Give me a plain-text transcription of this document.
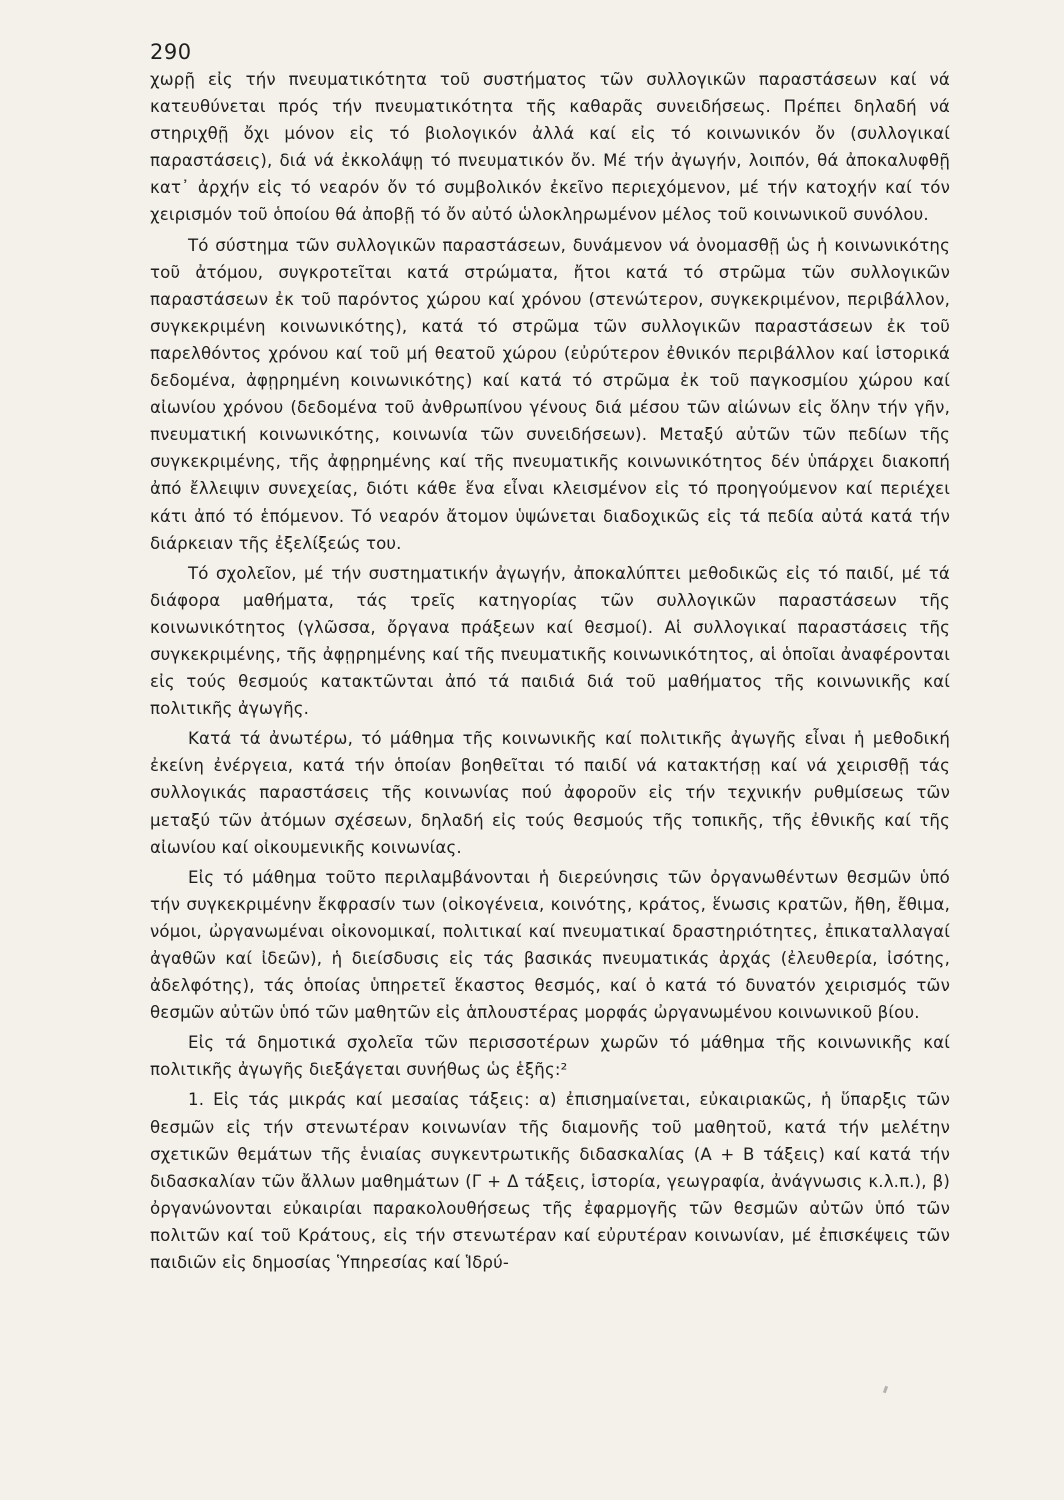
290

χωρῇ εἰς τήν πνευματικότητα τοῦ συστήματος τῶν συλλογικῶν παραστάσεων καί νά κατευθύνεται πρός τήν πνευματικότητα τῆς καθαρᾶς συνειδήσεως. Πρέπει δηλαδή νά στηριχθῇ ὄχι μόνον εἰς τό βιολογικόν ἀλλά καί εἰς τό κοινωνικόν ὄν (συλλογικαί παραστάσεις), διά νά ἐκκολάψῃ τό πνευματικόν ὄν. Μέ τήν ἀγωγήν, λοιπόν, θά ἀποκαλυφθῇ κατ᾿ ἀρχήν εἰς τό νεαρόν ὄν τό συμβολικόν ἐκεῖνο περιεχόμενον, μέ τήν κατοχήν καί τόν χειρισμόν τοῦ ὁποίου θά ἀποβῇ τό ὄν αὐτό ὡλοκληρωμένον μέλος τοῦ κοινωνικοῦ συνόλου.

Τό σύστημα τῶν συλλογικῶν παραστάσεων, δυνάμενον νά ὀνομασθῇ ὡς ἡ κοινωνικότης τοῦ ἀτόμου, συγκροτεῖται κατά στρώματα, ἤτοι κατά τό στρῶμα τῶν συλλογικῶν παραστάσεων ἐκ τοῦ παρόντος χώρου καί χρόνου (στενώτερον, συγκεκριμένον, περιβάλλον, συγκεκριμένη κοινωνικότης), κατά τό στρῶμα τῶν συλλογικῶν παραστάσεων ἐκ τοῦ παρελθόντος χρόνου καί τοῦ μή θεατοῦ χώρου (εὐρύτερον ἐθνικόν περιβάλλον καί ἱστορικά δεδομένα, ἀφῃρημένη κοινωνικότης) καί κατά τό στρῶμα ἐκ τοῦ παγκοσμίου χώρου καί αἰωνίου χρόνου (δεδομένα τοῦ ἀνθρωπίνου γένους διά μέσου τῶν αἰώνων εἰς ὅλην τήν γῆν, πνευματική κοινωνικότης, κοινωνία τῶν συνειδήσεων). Μεταξύ αὐτῶν τῶν πεδίων τῆς συγκεκριμένης, τῆς ἀφῃρημένης καί τῆς πνευματικῆς κοινωνικότητος δέν ὑπάρχει διακοπή ἀπό ἔλλειψιν συνεχείας, διότι κάθε ἕνα εἶναι κλεισμένον εἰς τό προηγούμενον καί περιέχει κάτι ἀπό τό ἑπόμενον. Τό νεαρόν ἄτομον ὑψώνεται διαδοχικῶς εἰς τά πεδία αὐτά κατά τήν διάρκειαν τῆς ἐξελίξεώς του.

Τό σχολεῖον, μέ τήν συστηματικήν ἀγωγήν, ἀποκαλύπτει μεθοδικῶς εἰς τό παιδί, μέ τά διάφορα μαθήματα, τάς τρεῖς κατηγορίας τῶν συλλογικῶν παραστάσεων τῆς κοινωνικότητος (γλῶσσα, ὄργανα πράξεων καί θεσμοί). Αἱ συλλογικαί παραστάσεις τῆς συγκεκριμένης, τῆς ἀφῃρημένης καί τῆς πνευματικῆς κοινωνικότητος, αἱ ὁποῖαι ἀναφέρονται εἰς τούς θεσμούς κατακτῶνται ἀπό τά παιδιά διά τοῦ μαθήματος τῆς κοινωνικῆς καί πολιτικῆς ἀγωγῆς.

Κατά τά ἀνωτέρω, τό μάθημα τῆς κοινωνικῆς καί πολιτικῆς ἀγωγῆς εἶναι ἡ μεθοδική ἐκείνη ἐνέργεια, κατά τήν ὁποίαν βοηθεῖται τό παιδί νά κατακτήσῃ καί νά χειρισθῇ τάς συλλογικάς παραστάσεις τῆς κοινωνίας πού ἀφοροῦν εἰς τήν τεχνικήν ρυθμίσεως τῶν μεταξύ τῶν ἀτόμων σχέσεων, δηλαδή εἰς τούς θεσμούς τῆς τοπικῆς, τῆς ἐθνικῆς καί τῆς αἰωνίου καί οἰκουμενικῆς κοινωνίας.

Εἰς τό μάθημα τοῦτο περιλαμβάνονται ἡ διερεύνησις τῶν ὀργανωθέντων θεσμῶν ὑπό τήν συγκεκριμένην ἔκφρασίν των (οἰκογένεια, κοινότης, κράτος, ἕνωσις κρατῶν, ἤθη, ἔθιμα, νόμοι, ὠργανωμέναι οἰκονομικαί, πολιτικαί καί πνευματικαί δραστηριότητες, ἐπικαταλλαγαί ἀγαθῶν καί ἰδεῶν), ἡ διείσδυσις εἰς τάς βασικάς πνευματικάς ἀρχάς (ἐλευθερία, ἰσότης, ἀδελφότης), τάς ὁποίας ὑπηρετεῖ ἕκαστος θεσμός, καί ὁ κατά τό δυνατόν χειρισμός τῶν θεσμῶν αὐτῶν ὑπό τῶν μαθητῶν εἰς ἁπλουστέρας μορφάς ὠργανωμένου κοινωνικοῦ βίου.

Εἰς τά δημοτικά σχολεῖα τῶν περισσοτέρων χωρῶν τό μάθημα τῆς κοινωνικῆς καί πολιτικῆς ἀγωγῆς διεξάγεται συνήθως ὡς ἑξῆς:²

1. Εἰς τάς μικράς καί μεσαίας τάξεις: α) ἐπισημαίνεται, εὐκαιριακῶς, ἡ ὕπαρξις τῶν θεσμῶν εἰς τήν στενωτέραν κοινωνίαν τῆς διαμονῆς τοῦ μαθητοῦ, κατά τήν μελέτην σχετικῶν θεμάτων τῆς ἑνιαίας συγκεντρωτικῆς διδασκαλίας (Α + Β τάξεις) καί κατά τήν διδασκαλίαν τῶν ἄλλων μαθημάτων (Γ + Δ τάξεις, ἱστορία, γεωγραφία, ἀνάγνωσις κ.λ.π.), β) ὀργανώνονται εὐκαιρίαι παρακολουθήσεως τῆς ἐφαρμογῆς τῶν θεσμῶν αὐτῶν ὑπό τῶν πολιτῶν καί τοῦ Κράτους, εἰς τήν στενωτέραν καί εὐρυτέραν κοινωνίαν, μέ ἐπισκέψεις τῶν παιδιῶν εἰς δημοσίας Ὑπηρεσίας καί Ἱδρύ-
